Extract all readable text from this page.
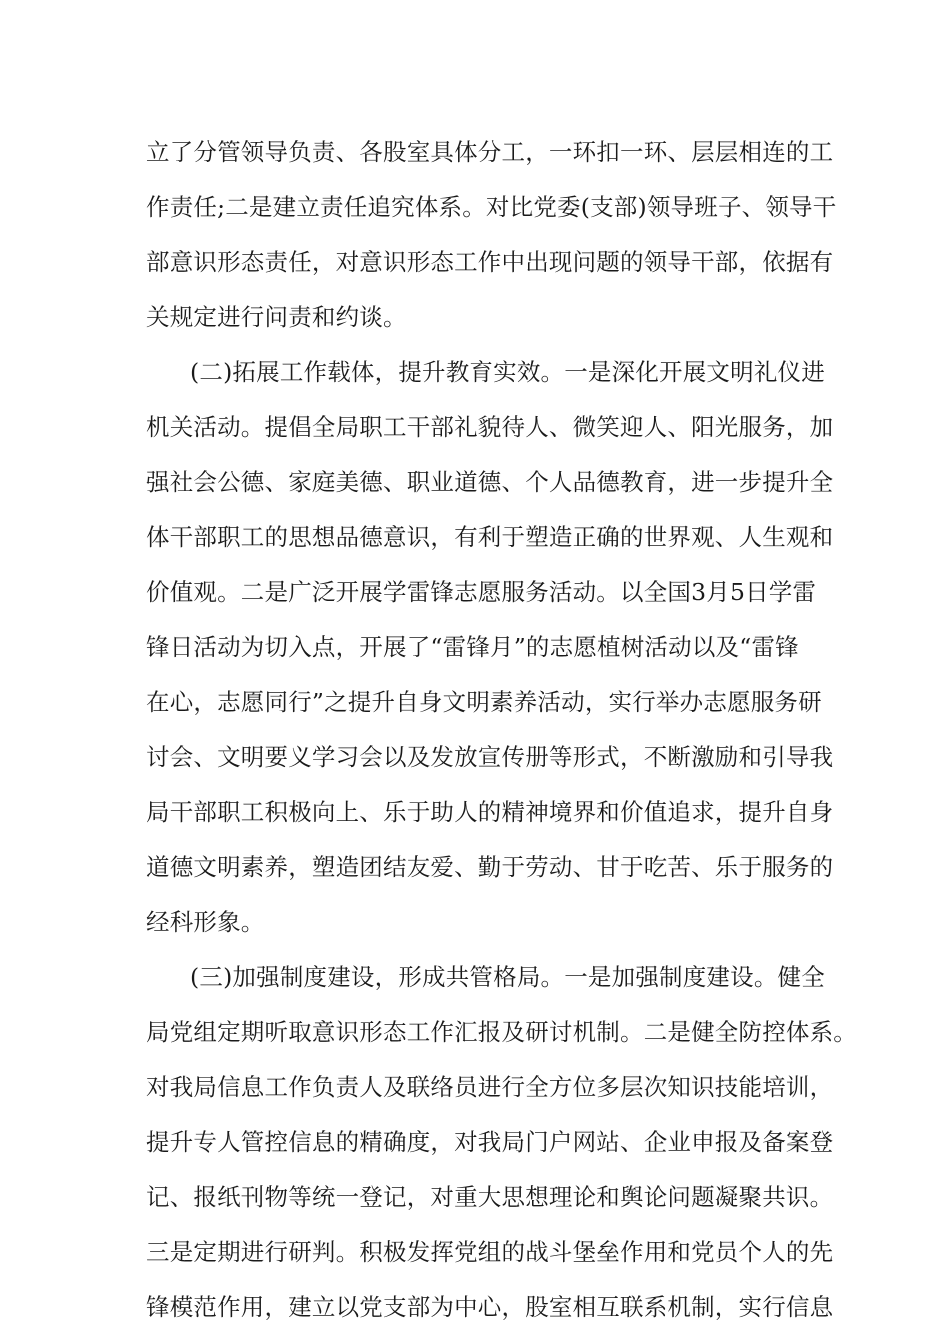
立了分管领导负责、各股室具体分工，一环扣一环、层层相连的工
作责任;二是建立责任追究体系。对比党委(支部)领导班子、领导干
部意识形态责任，对意识形态工作中出现问题的领导干部，依据有
关规定进行问责和约谈。
(二)拓展工作载体，提升教育实效。一是深化开展文明礼仪进
机关活动。提倡全局职工干部礼貌待人、微笑迎人、阳光服务，加
强社会公德、家庭美德、职业道德、个人品德教育，进一步提升全
体干部职工的思想品德意识，有利于塑造正确的世界观、人生观和
价值观。二是广泛开展学雷锋志愿服务活动。以全国3月5日学雷
锋日活动为切入点，开展了“雷锋月”的志愿植树活动以及“雷锋
在心，志愿同行”之提升自身文明素养活动，实行举办志愿服务研
讨会、文明要义学习会以及发放宣传册等形式，不断激励和引导我
局干部职工积极向上、乐于助人的精神境界和价值追求，提升自身
道德文明素养，塑造团结友爱、勤于劳动、甘于吃苦、乐于服务的
经科形象。
(三)加强制度建设，形成共管格局。一是加强制度建设。健全
局党组定期听取意识形态工作汇报及研讨机制。二是健全防控体系。
对我局信息工作负责人及联络员进行全方位多层次知识技能培训，
提升专人管控信息的精确度，对我局门户网站、企业申报及备案登
记、报纸刊物等统一登记，对重大思想理论和舆论问题凝聚共识。
三是定期进行研判。积极发挥党组的战斗堡垒作用和党员个人的先
锋模范作用，建立以党支部为中心，股室相互联系机制，实行信息
